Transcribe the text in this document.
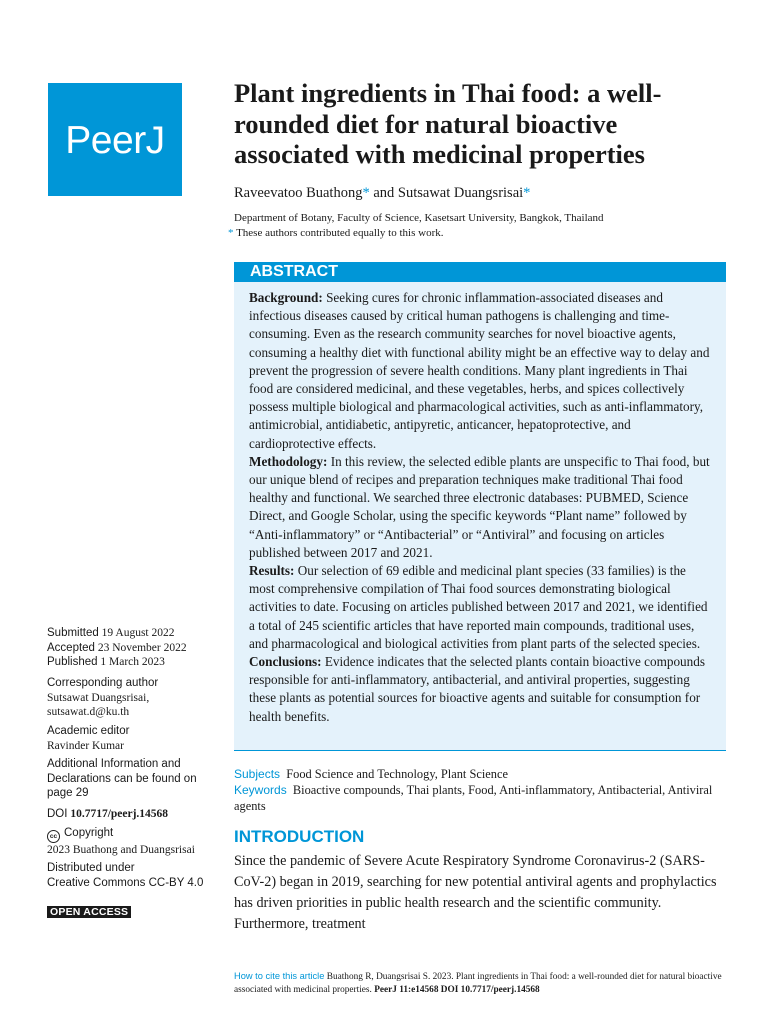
PeerJ
Plant ingredients in Thai food: a well-rounded diet for natural bioactive associated with medicinal properties
Raveevatoo Buathong* and Sutsawat Duangsrisai*
Department of Botany, Faculty of Science, Kasetsart University, Bangkok, Thailand
* These authors contributed equally to this work.
ABSTRACT

Background: Seeking cures for chronic inflammation-associated diseases and infectious diseases caused by critical human pathogens is challenging and time-consuming. Even as the research community searches for novel bioactive agents, consuming a healthy diet with functional ability might be an effective way to delay and prevent the progression of severe health conditions. Many plant ingredients in Thai food are considered medicinal, and these vegetables, herbs, and spices collectively possess multiple biological and pharmacological activities, such as anti-inflammatory, antimicrobial, antidiabetic, antipyretic, anticancer, hepatoprotective, and cardioprotective effects.

Methodology: In this review, the selected edible plants are unspecific to Thai food, but our unique blend of recipes and preparation techniques make traditional Thai food healthy and functional. We searched three electronic databases: PUBMED, Science Direct, and Google Scholar, using the specific keywords “Plant name” followed by “Anti-inflammatory” or “Antibacterial” or “Antiviral” and focusing on articles published between 2017 and 2021.

Results: Our selection of 69 edible and medicinal plant species (33 families) is the most comprehensive compilation of Thai food sources demonstrating biological activities to date. Focusing on articles published between 2017 and 2021, we identified a total of 245 scientific articles that have reported main compounds, traditional uses, and pharmacological and biological activities from plant parts of the selected species.

Conclusions: Evidence indicates that the selected plants contain bioactive compounds responsible for anti-inflammatory, antibacterial, and antiviral properties, suggesting these plants as potential sources for bioactive agents and suitable for consumption for health benefits.

Subjects Food Science and Technology, Plant Science
Keywords Bioactive compounds, Thai plants, Food, Anti-inflammatory, Antibacterial, Antiviral agents
INTRODUCTION

Since the pandemic of Severe Acute Respiratory Syndrome Coronavirus-2 (SARS-CoV-2) began in 2019, searching for new potential antiviral agents and prophylactics has driven priorities in public health research and the scientific community. Furthermore, treatment

Submitted 19 August 2022
Accepted 23 November 2022
Published 1 March 2023
Corresponding author
Sutsawat Duangsrisai,
sutsawat.d@ku.th
Academic editor
Ravinder Kumar
Additional Information and Declarations can be found on page 29
DOI 10.7717/peerj.14568
cc Copyright
2023 Buathong and Duangsrisai
Distributed under
Creative Commons CC-BY 4.0
OPEN ACCESS
How to cite this article Buathong R, Duangsrisai S. 2023. Plant ingredients in Thai food: a well-rounded diet for natural bioactive associated with medicinal properties. PeerJ 11:e14568 DOI 10.7717/peerj.14568
